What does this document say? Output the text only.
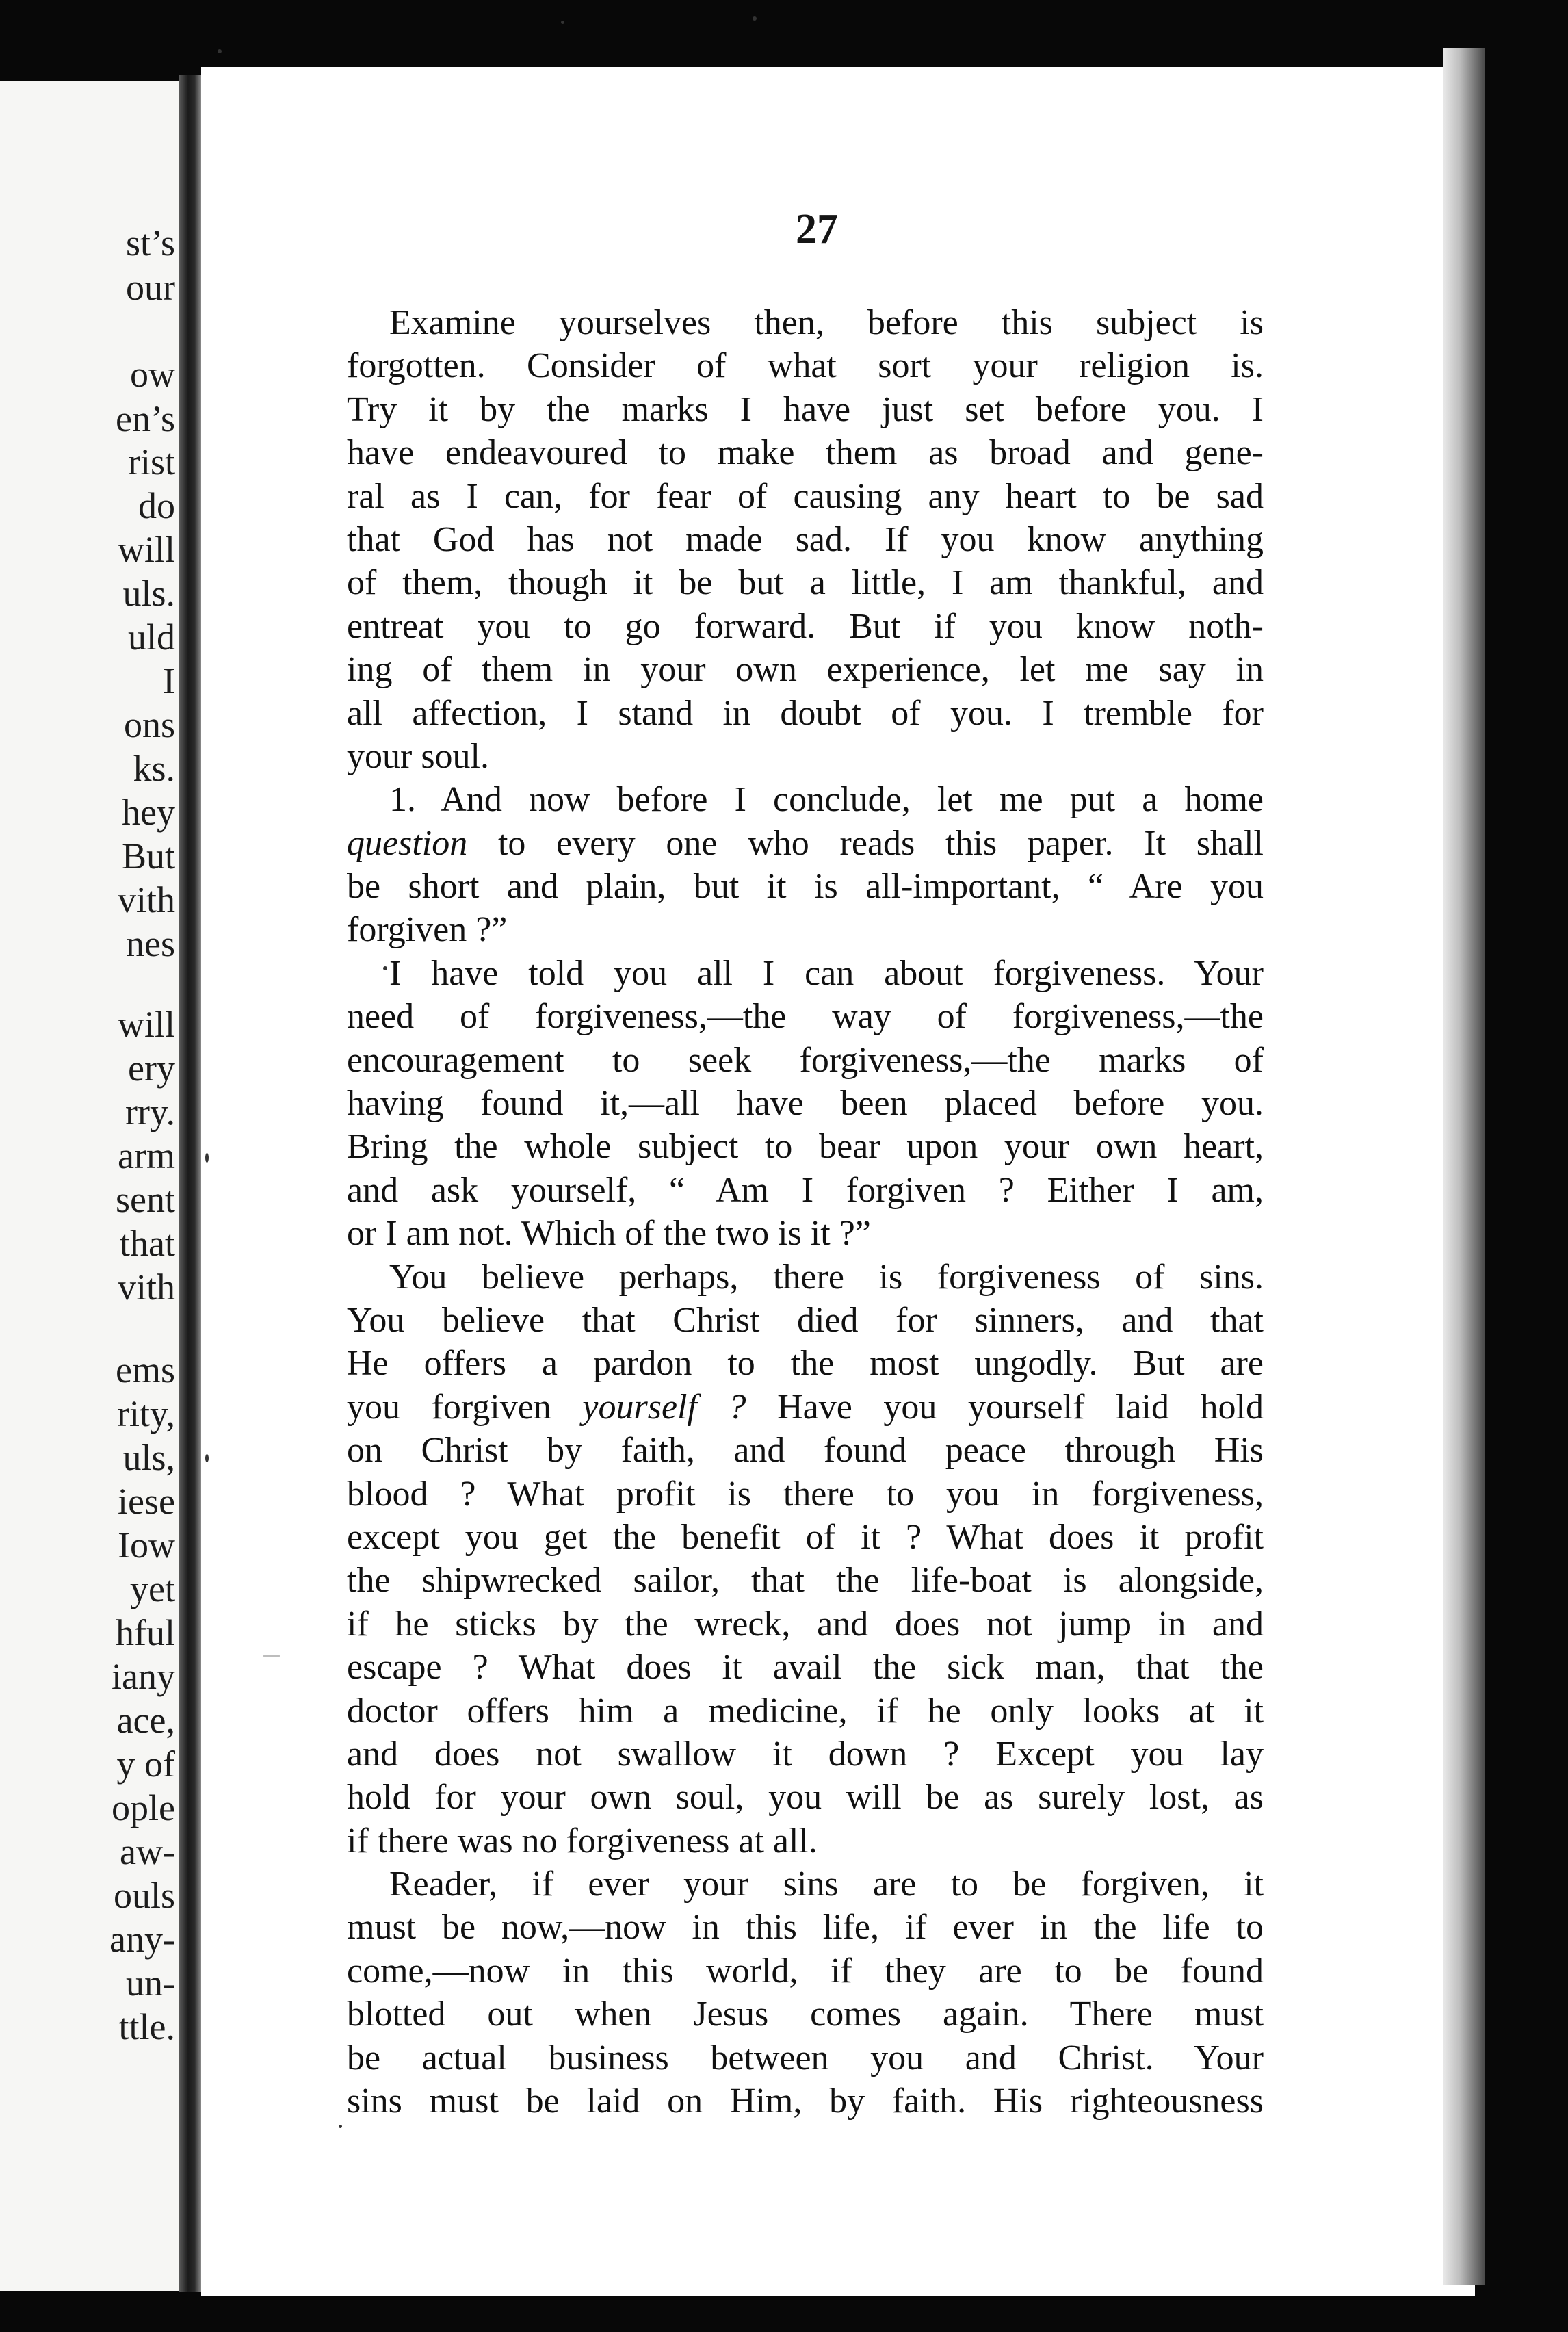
st’s
our
ow
en’s
rist
do
will
uls.
uld
I
ons
ks.
hey
But
vith
nes
will
ery
rry.
arm
sent
that
vith
ems
rity,
uls,
iese
Iow
yet
hful
iany
ace,
y of
ople
aw-
ouls
any-
un-
ttle.
27
Examine yourselves then, before this subject is
forgotten. Consider of what sort your religion is.
Try it by the marks I have just set before you. I
have endeavoured to make them as broad and gene-
ral as I can, for fear of causing any heart to be sad
that God has not made sad. If you know anything
of them, though it be but a little, I am thankful, and
entreat you to go forward. But if you know noth-
ing of them in your own experience, let me say in
all affection, I stand in doubt of you. I tremble for
your soul.
1. And now before I conclude, let me put a home
question to every one who reads this paper. It shall
be short and plain, but it is all-important, “ Are you
forgiven ?”
I have told you all I can about forgiveness. Your
need of forgiveness,—the way of forgiveness,—the
encouragement to seek forgiveness,—the marks of
having found it,—all have been placed before you.
Bring the whole subject to bear upon your own heart,
and ask yourself, “ Am I forgiven ? Either I am,
or I am not. Which of the two is it ?”
You believe perhaps, there is forgiveness of sins.
You believe that Christ died for sinners, and that
He offers a pardon to the most ungodly. But are
you forgiven yourself ? Have you yourself laid hold
on Christ by faith, and found peace through His
blood ? What profit is there to you in forgiveness,
except you get the benefit of it ? What does it profit
the shipwrecked sailor, that the life-boat is alongside,
if he sticks by the wreck, and does not jump in and
escape ? What does it avail the sick man, that the
doctor offers him a medicine, if he only looks at it
and does not swallow it down ? Except you lay
hold for your own soul, you will be as surely lost, as
if there was no forgiveness at all.
Reader, if ever your sins are to be forgiven, it
must be now,—now in this life, if ever in the life to
come,—now in this world, if they are to be found
blotted out when Jesus comes again. There must
be actual business between you and Christ. Your
sins must be laid on Him, by faith. His righteousness
